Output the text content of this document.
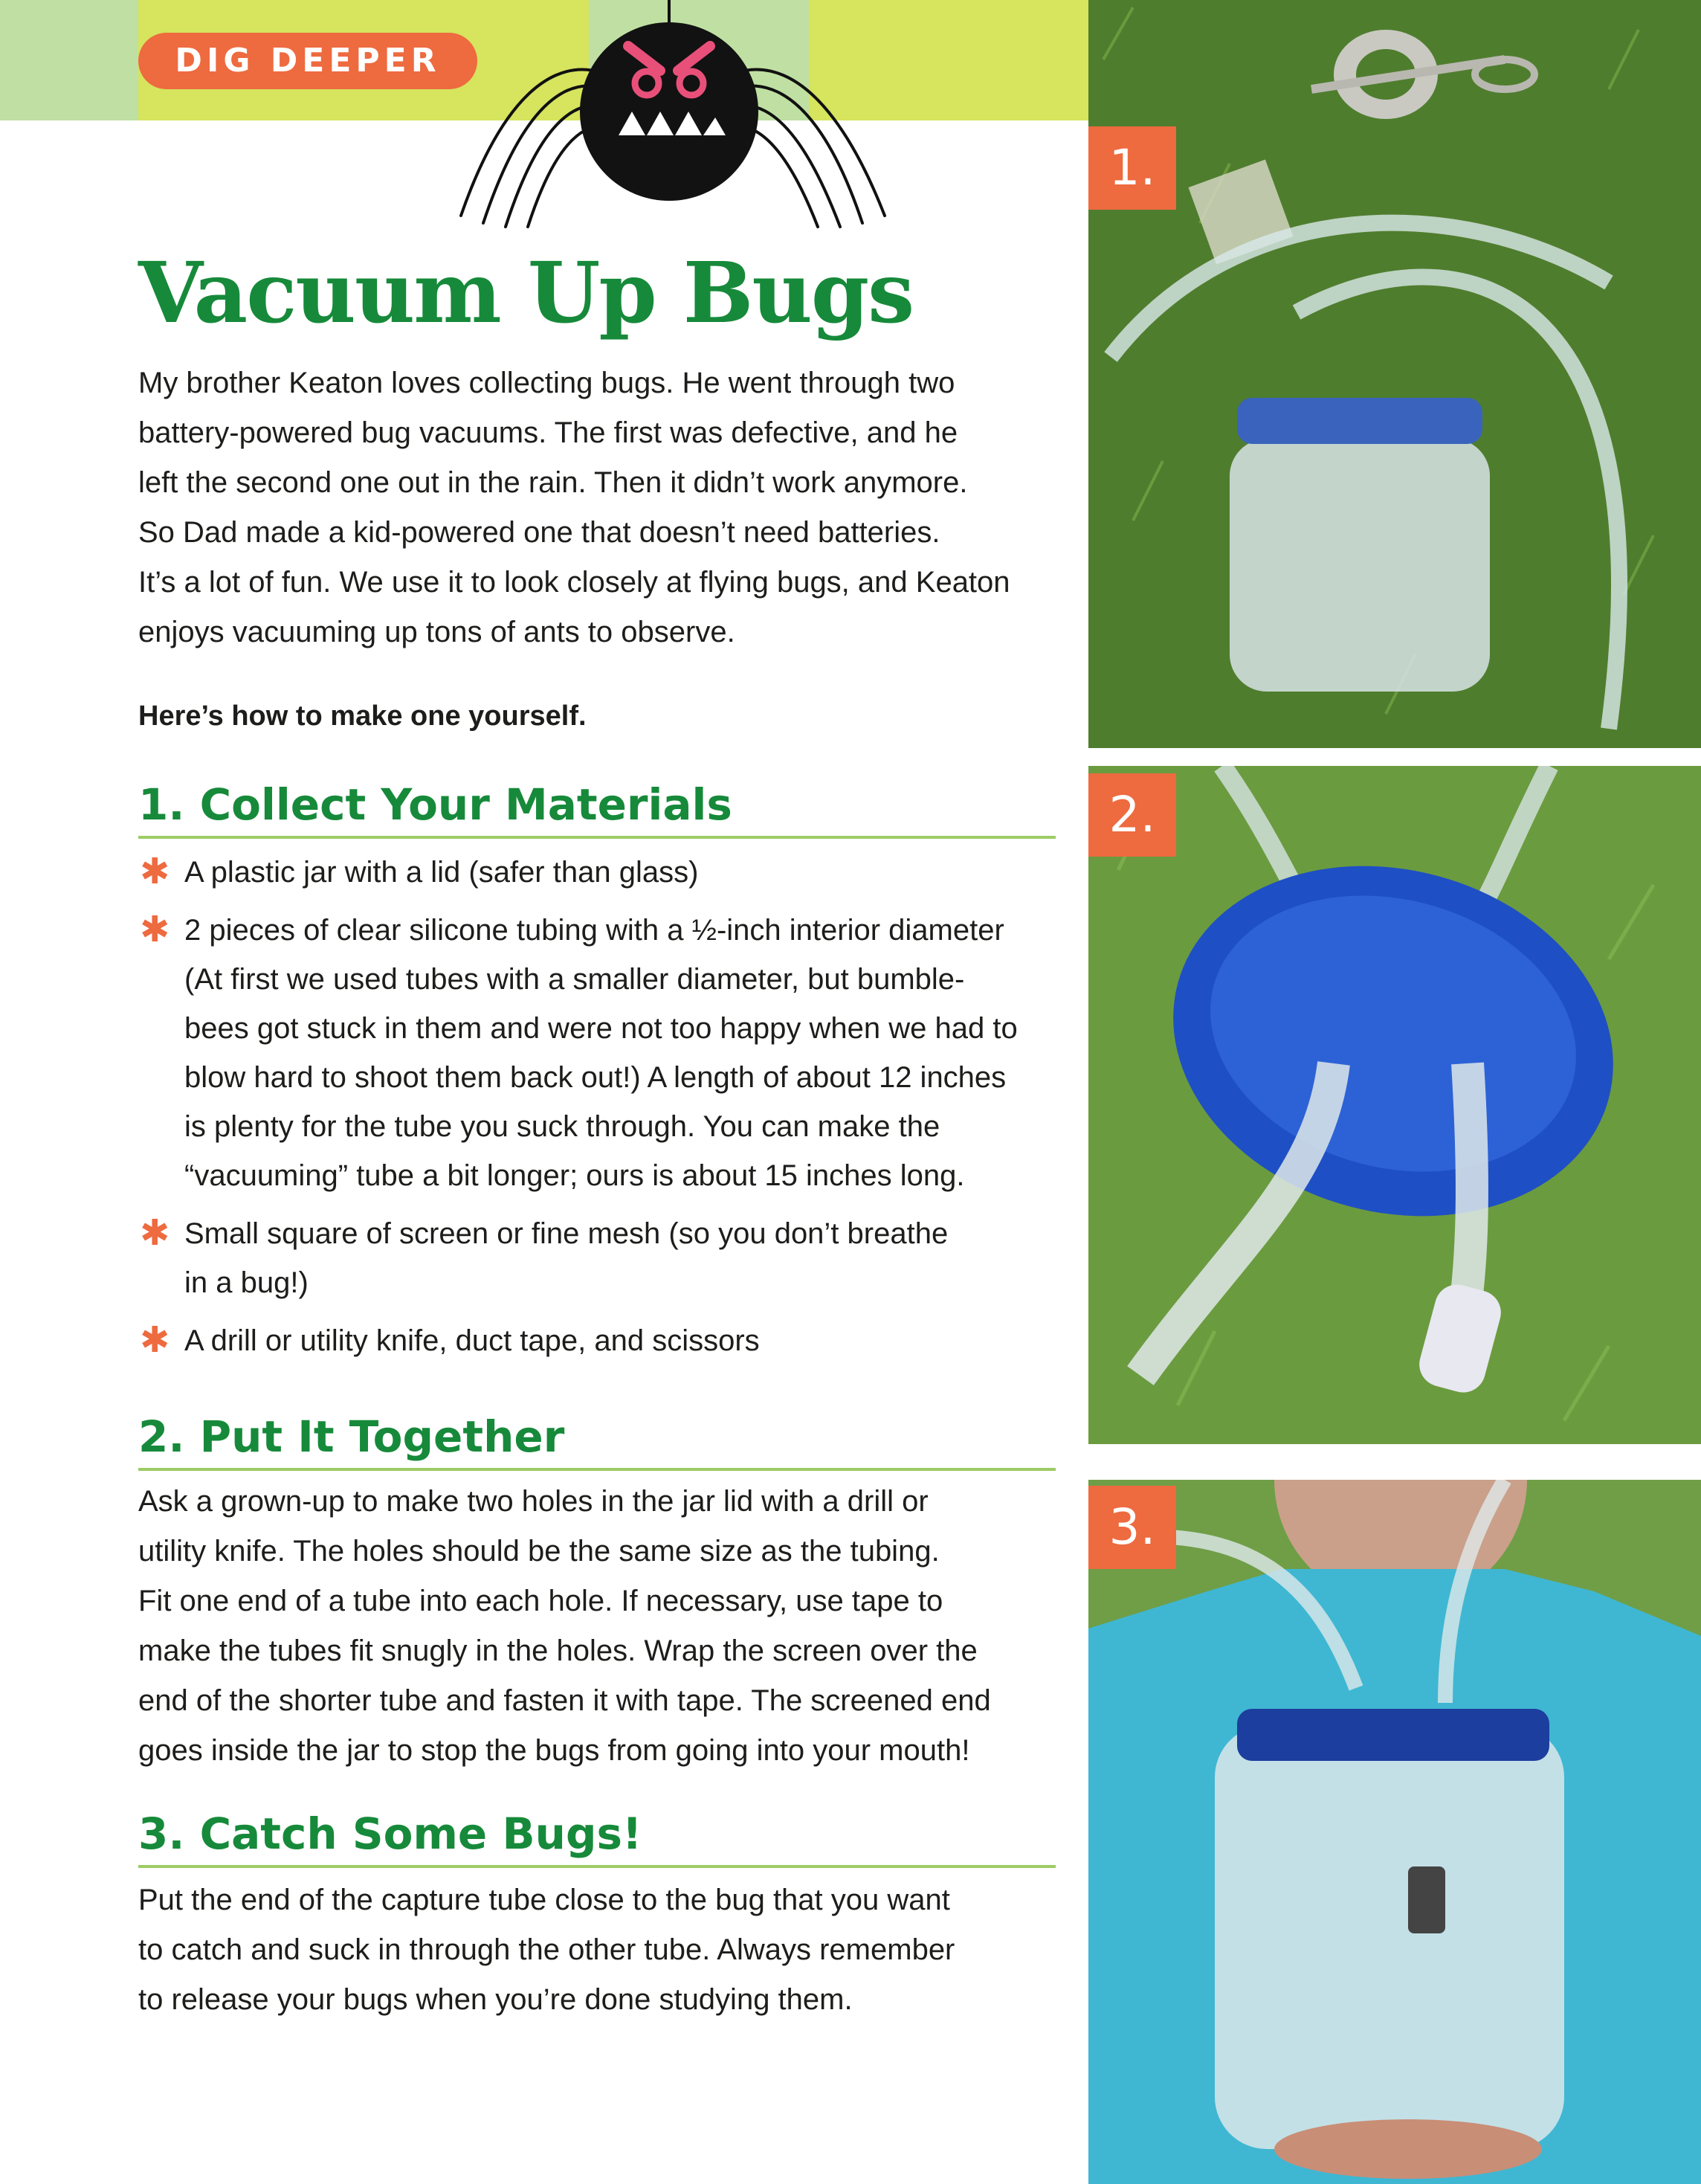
DIG DEEPER
Vacuum Up Bugs

My brother Keaton loves collecting bugs. He went through two

battery-powered bug vacuums. The first was defective, and he

left the second one out in the rain. Then it didn’t work anymore.

So Dad made a kid-powered one that doesn’t need batteries.

It’s a lot of fun. We use it to look closely at flying bugs, and Keaton

enjoys vacuuming up tons of ants to observe.

Here’s how to make one yourself.
1. Collect Your Materials
✱ A plastic jar with a lid (safer than glass)
✱ 2 pieces of clear silicone tubing with a ½-inch interior diameter
(At first we used tubes with a smaller diameter, but bumble-
bees got stuck in them and were not too happy when we had to
blow hard to shoot them back out!) A length of about 12 inches
is plenty for the tube you suck through. You can make the
“vacuuming” tube a bit longer; ours is about 15 inches long.
✱ Small square of screen or fine mesh (so you don’t breathe
in a bug!)
✱ A drill or utility knife, duct tape, and scissors
2. Put It Together

Ask a grown-up to make two holes in the jar lid with a drill or

utility knife. The holes should be the same size as the tubing.

Fit one end of a tube into each hole. If necessary, use tape to

make the tubes fit snugly in the holes. Wrap the screen over the

end of the shorter tube and fasten it with tape. The screened end

goes inside the jar to stop the bugs from going into your mouth!

3. Catch Some Bugs!

Put the end of the capture tube close to the bug that you want

to catch and suck in through the other tube. Always remember

to release your bugs when you’re done studying them.

1.
2.
3.
